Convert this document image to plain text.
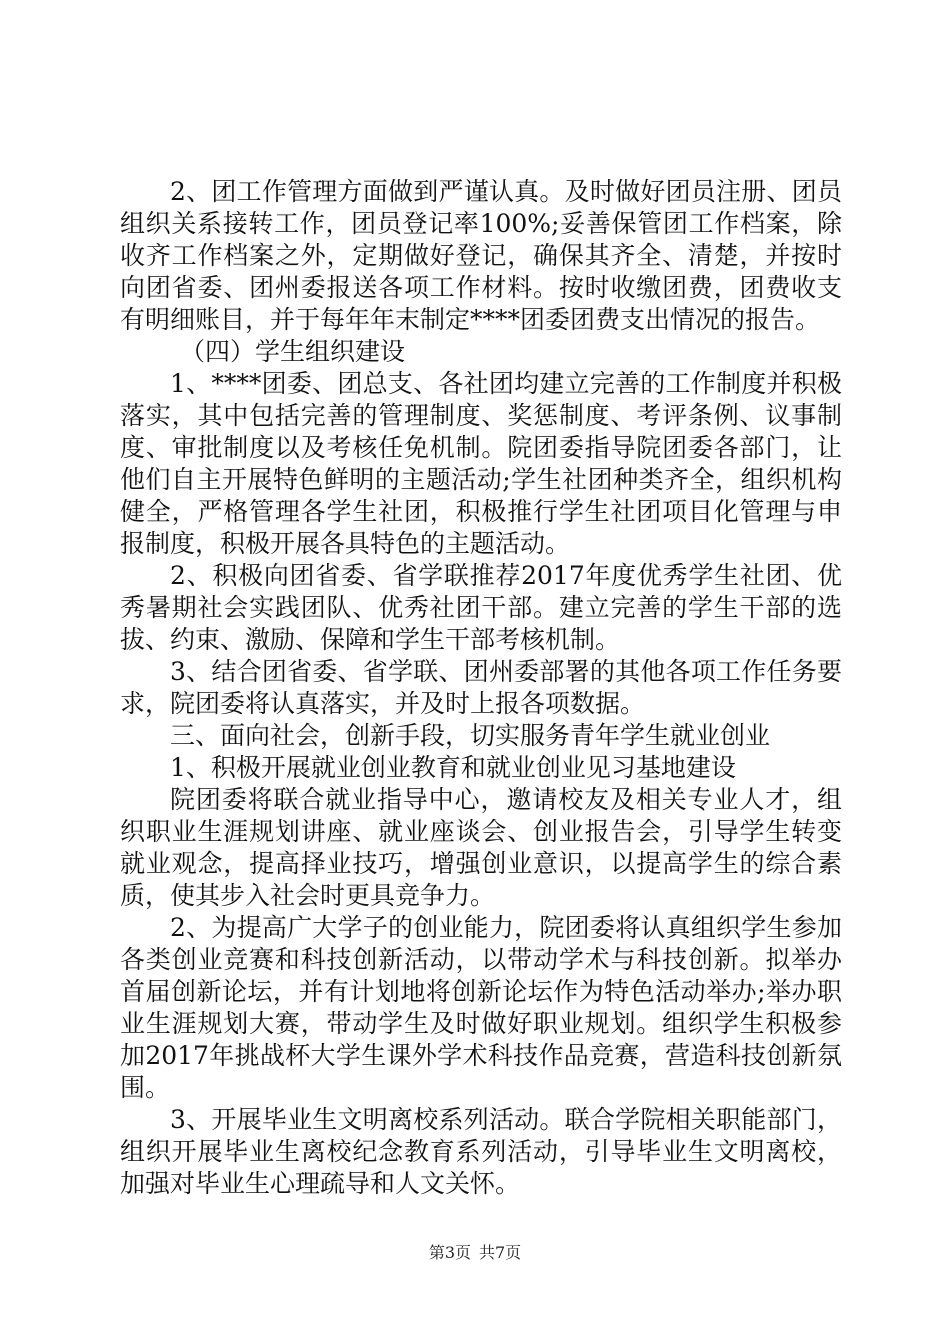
2、团工作管理方面做到严谨认真。及时做好团员注册、团员组织关系接转工作，团员登记率100%;妥善保管团工作档案，除收齐工作档案之外，定期做好登记，确保其齐全、清楚，并按时向团省委、团州委报送各项工作材料。按时收缴团费，团费收支有明细账目，并于每年年末制定****团委团费支出情况的报告。

（四）学生组织建设

1、****团委、团总支、各社团均建立完善的工作制度并积极落实，其中包括完善的管理制度、奖惩制度、考评条例、议事制度、审批制度以及考核任免机制。院团委指导院团委各部门，让他们自主开展特色鲜明的主题活动;学生社团种类齐全，组织机构健全，严格管理各学生社团，积极推行学生社团项目化管理与申报制度，积极开展各具特色的主题活动。

2、积极向团省委、省学联推荐2017年度优秀学生社团、优秀暑期社会实践团队、优秀社团干部。建立完善的学生干部的选拔、约束、激励、保障和学生干部考核机制。

3、结合团省委、省学联、团州委部署的其他各项工作任务要求，院团委将认真落实，并及时上报各项数据。

三、面向社会，创新手段，切实服务青年学生就业创业

1、积极开展就业创业教育和就业创业见习基地建设

院团委将联合就业指导中心，邀请校友及相关专业人才，组织职业生涯规划讲座、就业座谈会、创业报告会，引导学生转变就业观念，提高择业技巧，增强创业意识，以提高学生的综合素质，使其步入社会时更具竞争力。

2、为提高广大学子的创业能力，院团委将认真组织学生参加各类创业竞赛和科技创新活动，以带动学术与科技创新。拟举办首届创新论坛，并有计划地将创新论坛作为特色活动举办;举办职业生涯规划大赛，带动学生及时做好职业规划。组织学生积极参加2017年挑战杯大学生课外学术科技作品竞赛，营造科技创新氛围。

3、开展毕业生文明离校系列活动。联合学院相关职能部门，组织开展毕业生离校纪念教育系列活动，引导毕业生文明离校，加强对毕业生心理疏导和人文关怀。

第3页 共7页
